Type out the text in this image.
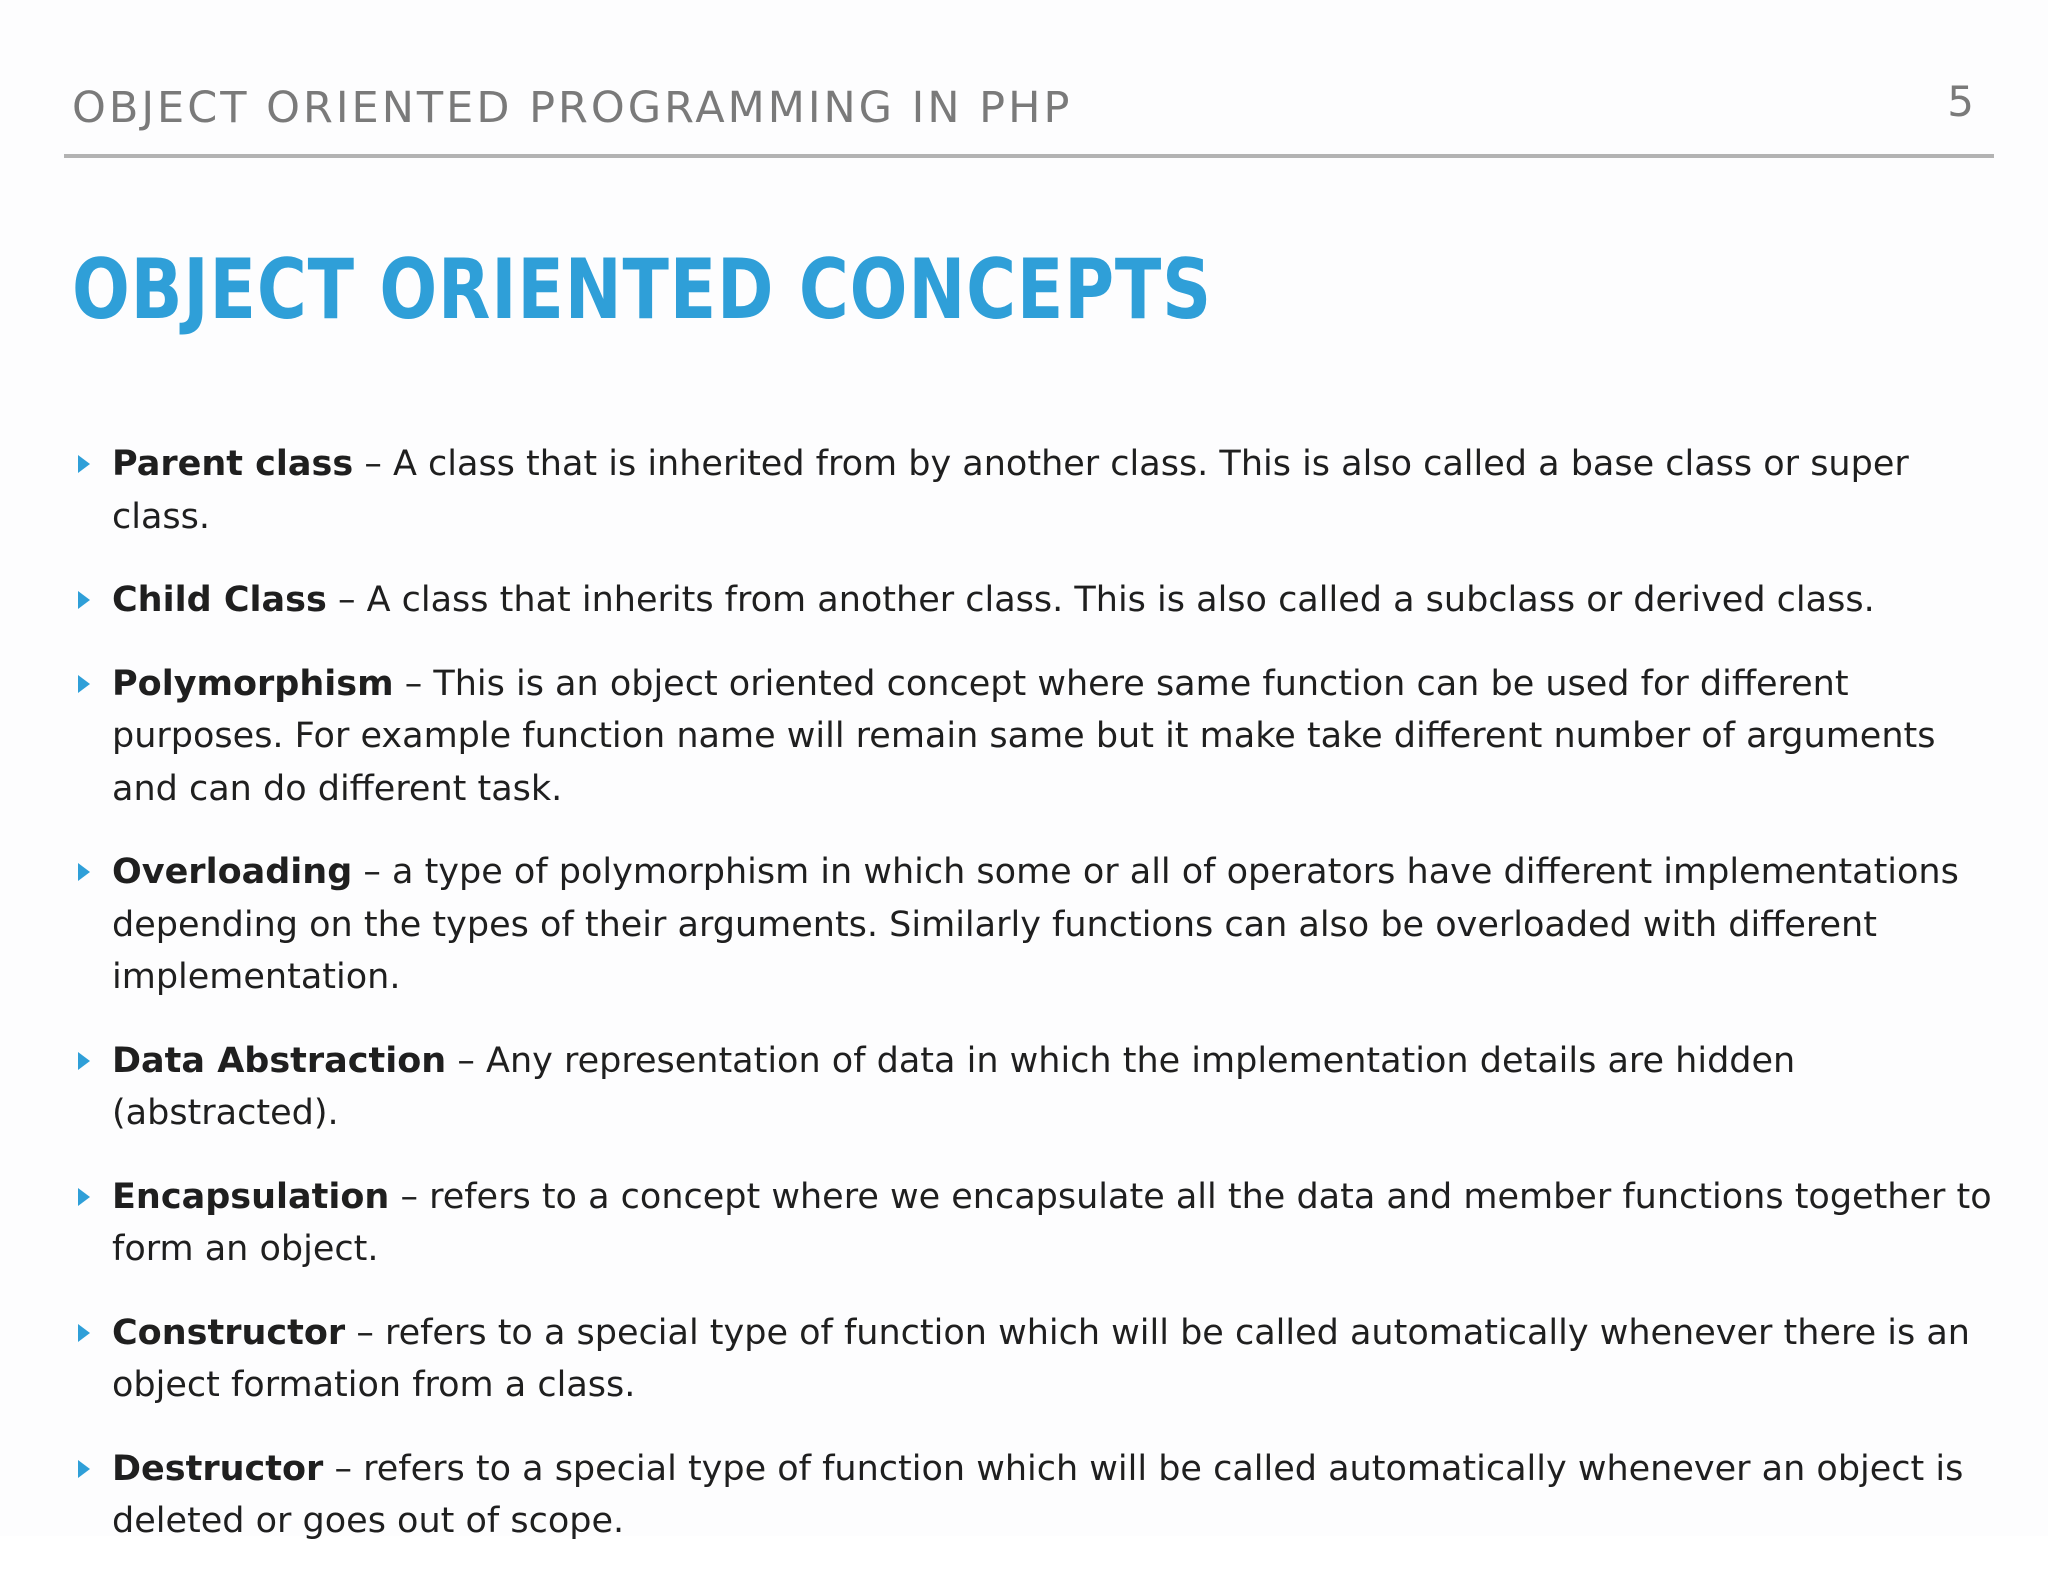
OBJECT ORIENTED PROGRAMMING IN PHP	5
OBJECT ORIENTED CONCEPTS
Parent class – A class that is inherited from by another class. This is also called a base class or super class.
Child Class – A class that inherits from another class. This is also called a subclass or derived class.
Polymorphism – This is an object oriented concept where same function can be used for different purposes. For example function name will remain same but it make take different number of arguments and can do different task.
Overloading – a type of polymorphism in which some or all of operators have different implementations depending on the types of their arguments. Similarly functions can also be overloaded with different implementation.
Data Abstraction – Any representation of data in which the implementation details are hidden (abstracted).
Encapsulation – refers to a concept where we encapsulate all the data and member functions together to form an object.
Constructor – refers to a special type of function which will be called automatically whenever there is an object formation from a class.
Destructor – refers to a special type of function which will be called automatically whenever an object is deleted or goes out of scope.
